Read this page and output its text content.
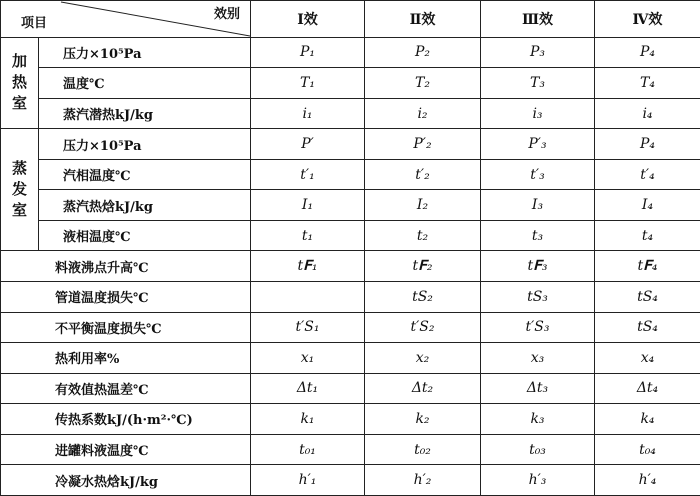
项目
效别		Ⅰ效	Ⅱ效	Ⅲ效	Ⅳ效

加
热
室	压力×10⁵Pa	P₁	P₂	P₃	P₄
	温度℃	T₁	T₂	T₃	T₄
	蒸汽潜热kJ/kg	i₁	i₂	i₃	i₄

蒸
发
室	压力×10⁵Pa	P′	P′₂	P′₃	P₄
	汽相温度℃	t′₁	t′₂	t′₃	t′₄
	蒸汽热焓kJ/kg	I₁	I₂	I₃	I₄
	液相温度℃	t₁	t₂	t₃	t₄
料液沸点升高℃		t𝐅₁	t𝐅₂	t𝐅₃	t𝐅₄
管道温度损失℃			tS₂	tS₃	tS₄
不平衡温度损失℃		t′S₁	t′S₂	t′S₃	tS₄
热利用率%		x₁	x₂	x₃	x₄
有效值热温差℃		Δt₁	Δt₂	Δt₃	Δt₄
传热系数kJ/(h·m²·℃)		k₁	k₂	k₃	k₄
进罐料液温度℃		t₀₁	t₀₂	t₀₃	t₀₄
冷凝水热焓kJ/kg		h′₁	h′₂	h′₃	h′₄
